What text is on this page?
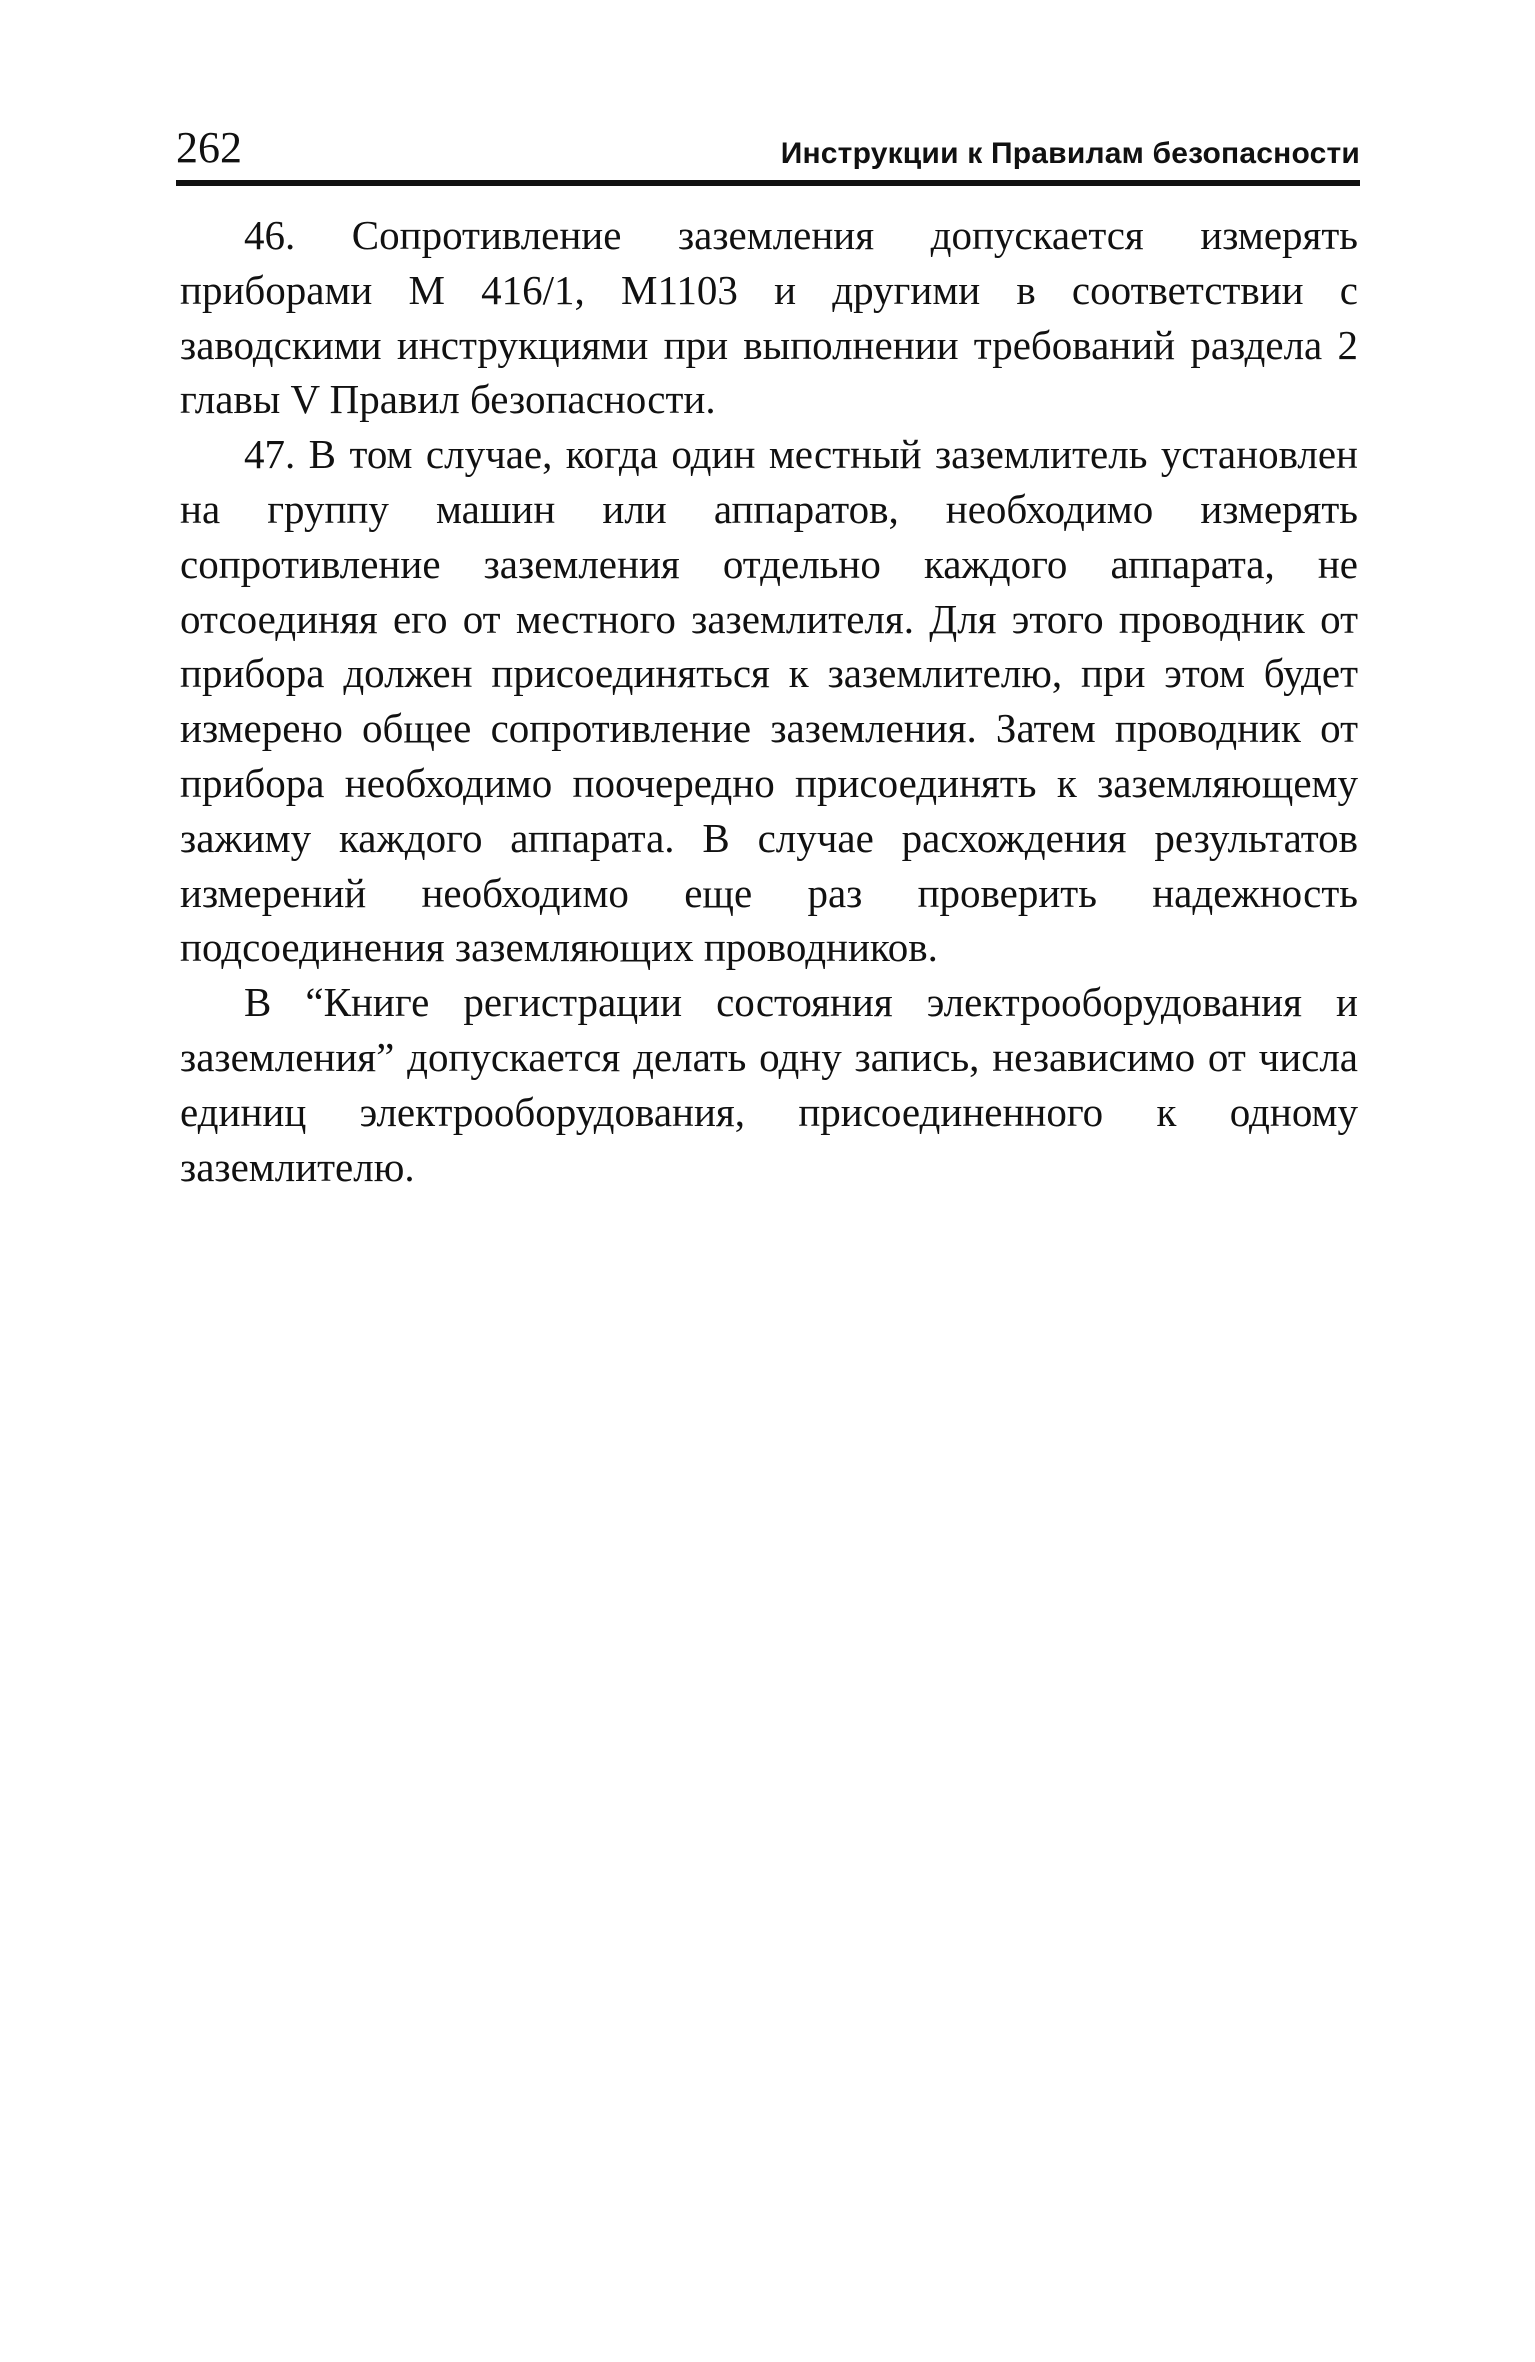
262	Инструкции к Правилам безопасности

46. Сопротивлениe заземления допускается измерять приборами М 416/1, М1103 и другими в соответствии с заводскими инструкциями при выполнении требований раздела 2 главы V Правил безопасности.

47. В том случае, когда один местный заземлитель установлен на группу машин или аппаратов, необходимо измерять сопротивление заземления отдельно каждого аппарата, не отсоединяя его от местного заземлителя. Для этого проводник от прибора должен присоединяться к заземлителю, при этом будет измерено общее сопротивление заземления. Затем проводник от прибора необходимо поочередно присоединять к заземляющему зажиму каждого аппарата. В случае расхождения результатов измерений необходимо еще раз проверить надежность подсоединения заземляющих проводников.

В “Книге регистрации состояния электрооборудования и заземления” допускается делать одну запись, независимо от числа единиц электрооборудования, присоединенного к одному заземлителю.
